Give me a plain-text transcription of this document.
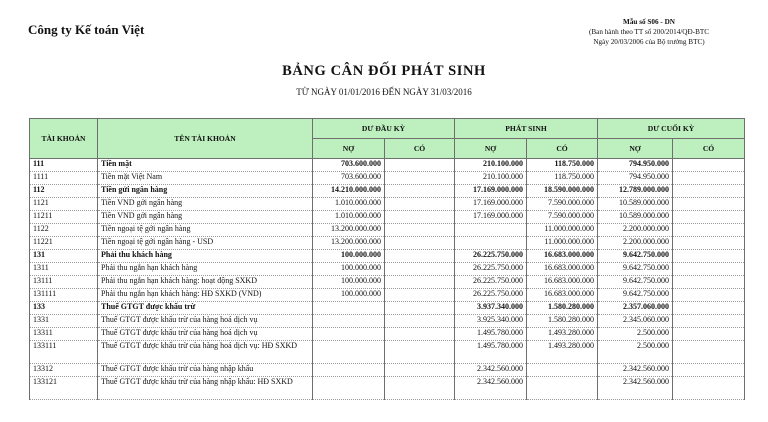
Công ty Kế toán Việt	Mẫu số S06 - DN
(Ban hành theo TT số 200/2014/QĐ-BTC
Ngày 20/03/2006 của Bộ trưởng BTC)
BẢNG CÂN ĐỐI PHÁT SINH
TỪ NGÀY 01/01/2016 ĐẾN NGÀY 31/03/2016
TÀI KHOẢN	TÊN TÀI KHOẢN	DƯ ĐẦU KỲ		PHÁT SINH		DƯ CUỐI KỲ	
		NỢ	CÓ	NỢ	CÓ	NỢ	CÓ
111	Tiền mặt	703.600.000		210.100.000	118.750.000	794.950.000	
1111	Tiền mặt Việt Nam	703.600.000		210.100.000	118.750.000	794.950.000	
112	Tiền gửi ngân hàng	14.210.000.000		17.169.000.000	18.590.000.000	12.789.000.000	
1121	Tiền VND gởi ngân hàng	1.010.000.000		17.169.000.000	7.590.000.000	10.589.000.000	
11211	Tiền VND gởi ngân hàng	1.010.000.000		17.169.000.000	7.590.000.000	10.589.000.000	
1122	Tiền ngoại tệ gởi ngân hàng	13.200.000.000			11.000.000.000	2.200.000.000	
11221	Tiền ngoại tệ gởi ngân hàng - USD	13.200.000.000			11.000.000.000	2.200.000.000	
131	Phải thu khách hàng	100.000.000		26.225.750.000	16.683.000.000	9.642.750.000	
1311	Phải thu ngắn hạn khách hàng	100.000.000		26.225.750.000	16.683.000.000	9.642.750.000	
13111	Phải thu ngắn hạn khách hàng: hoạt động SXKD	100.000.000		26.225.750.000	16.683.000.000	9.642.750.000	
131111	Phải thu ngắn hạn khách hàng: HĐ SXKD (VND)	100.000.000		26.225.750.000	16.683.000.000	9.642.750.000	
133	Thuế GTGT được khấu trừ			3.937.340.000	1.580.280.000	2.357.060.000	
1331	Thuế GTGT được khấu trừ của hàng hoá dịch vụ			3.925.340.000	1.580.280.000	2.345.060.000	
13311	Thuế GTGT được khấu trừ của hàng hoá dịch vụ			1.495.780.000	1.493.280.000	2.500.000	
133111	Thuế GTGT được khấu trừ của hàng hoá dịch vụ: HĐ SXKD			1.495.780.000	1.493.280.000	2.500.000	
13312	Thuế GTGT được khấu trừ của hàng nhập khẩu			2.342.560.000		2.342.560.000	
133121	Thuế GTGT được khấu trừ của hàng nhập khẩu: HĐ SXKD			2.342.560.000		2.342.560.000	
